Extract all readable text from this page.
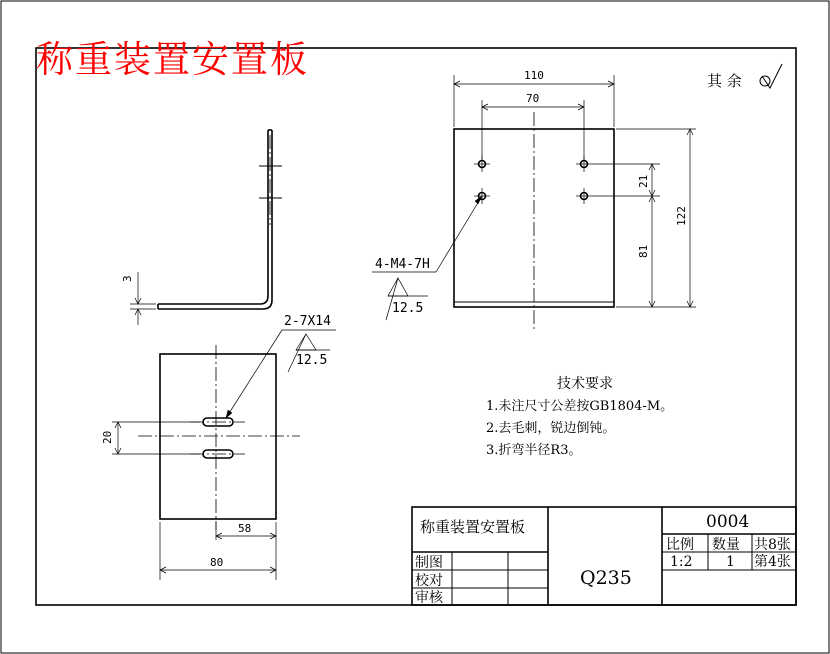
称重装置安置板	其 余
3
20
58
80
2-7X14
12.5
110
70
21
81
122
4-M4-7H
12.5
技术要求
1.未注尺寸公差按GB1804-M。
2.去毛刺，锐边倒钝。
3.折弯半径R3。
称重装置安置板	0004
比例 数量 共8张
1:2 1 第4张
Q235
制图
校对
审核
